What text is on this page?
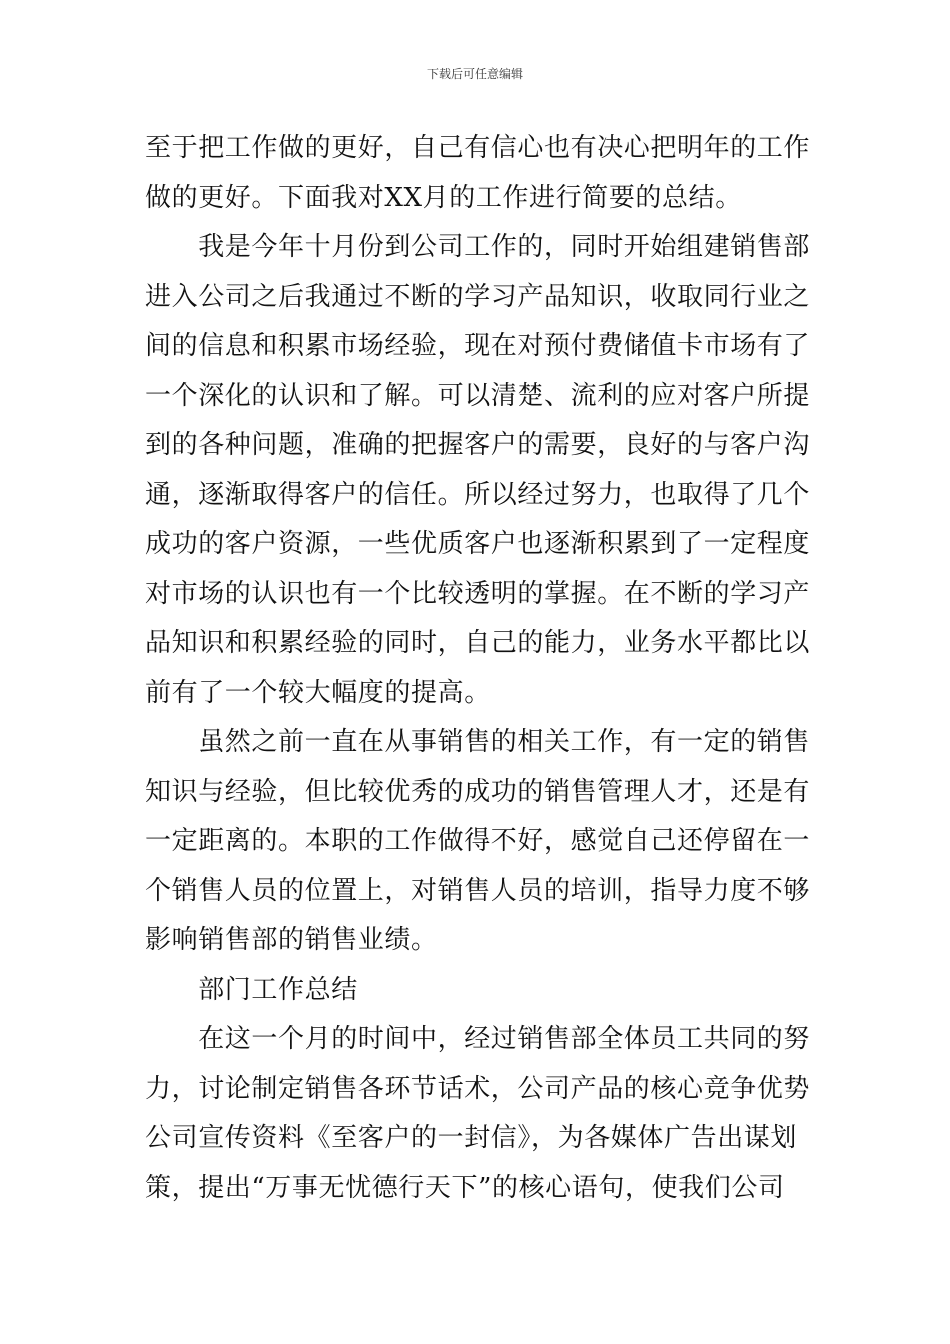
下载后可任意编辑
至于把工作做的更好，自己有信心也有决心把明年的工作
做的更好。下面我对XX月的工作进行简要的总结。
　　我是今年十月份到公司工作的，同时开始组建销售部
进入公司之后我通过不断的学习产品知识，收取同行业之
间的信息和积累市场经验，现在对预付费储值卡市场有了
一个深化的认识和了解。可以清楚、流利的应对客户所提
到的各种问题，准确的把握客户的需要，良好的与客户沟
通，逐渐取得客户的信任。所以经过努力，也取得了几个
成功的客户资源，一些优质客户也逐渐积累到了一定程度
对市场的认识也有一个比较透明的掌握。在不断的学习产
品知识和积累经验的同时，自己的能力，业务水平都比以
前有了一个较大幅度的提高。
　　虽然之前一直在从事销售的相关工作，有一定的销售
知识与经验，但比较优秀的成功的销售管理人才，还是有
一定距离的。本职的工作做得不好，感觉自己还停留在一
个销售人员的位置上，对销售人员的培训，指导力度不够
影响销售部的销售业绩。
　　部门工作总结
　　在这一个月的时间中，经过销售部全体员工共同的努
力，讨论制定销售各环节话术，公司产品的核心竞争优势
公司宣传资料《至客户的一封信》，为各媒体广告出谋划
策，提出“万事无忧德行天下”的核心语句，使我们公司
